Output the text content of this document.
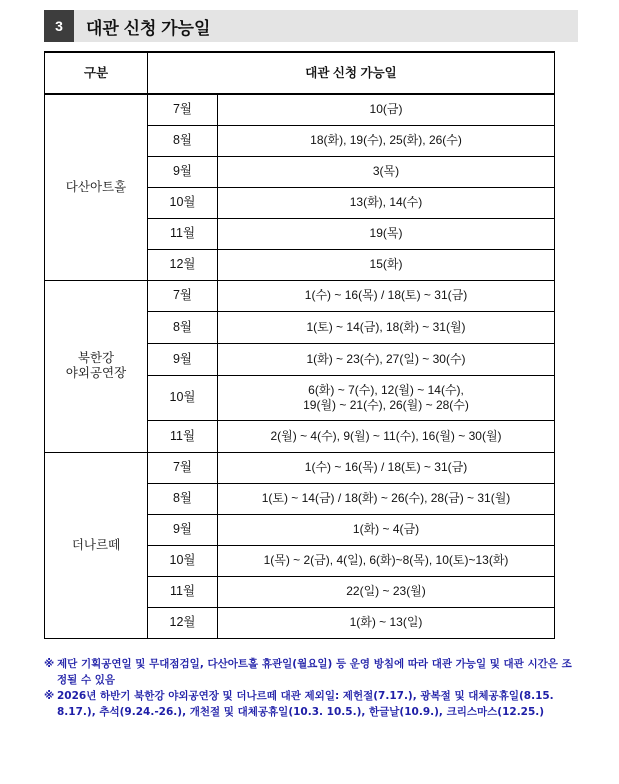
3	대관 신청 가능일
구분	대관 신청 가능일	
다산아트홀	7월	10(금)
	8월	18(화), 19(수), 25(화), 26(수)
	9월	3(목)
	10월	13(화), 14(수)
	11월	19(목)
	12월	15(화)

북한강
야외공연장	7월	1(수) ~ 16(목) / 18(토) ~ 31(금)
	8월	1(토) ~ 14(금), 18(화) ~ 31(월)
	9월	1(화) ~ 23(수), 27(일) ~ 30(수)
	10월	6(화) ~ 7(수), 12(월) ~ 14(수),
19(월) ~ 21(수), 26(월) ~ 28(수)

	11월	2(월) ~ 4(수), 9(월) ~ 11(수), 16(월) ~ 30(월)
더나르떼	7월	1(수) ~ 16(목) / 18(토) ~ 31(금)
	8월	1(토) ~ 14(금) / 18(화) ~ 26(수), 28(금) ~ 31(월)
	9월	1(화) ~ 4(금)
	10월	1(목) ~ 2(금), 4(일), 6(화)~8(목), 10(토)~13(화)
	11월	22(일) ~ 23(월)
	12월	1(화) ~ 13(일)
※ 제단 기획공연일 및 무대점검일, 다산아트홀 휴관일(월요일) 등 운영 방침에 따라 대관 가능일 및 대관 시간은 조정될 수 있음
※ 2026년 하반기 북한강 야외공연장 및 더나르떼 대관 제외일: 제헌절(7.17.), 광복절 및 대체공휴일(8.15. 8.17.), 추석(9.24.-26.), 개천절 및 대체공휴일(10.3. 10.5.), 한글날(10.9.), 크리스마스(12.25.)
